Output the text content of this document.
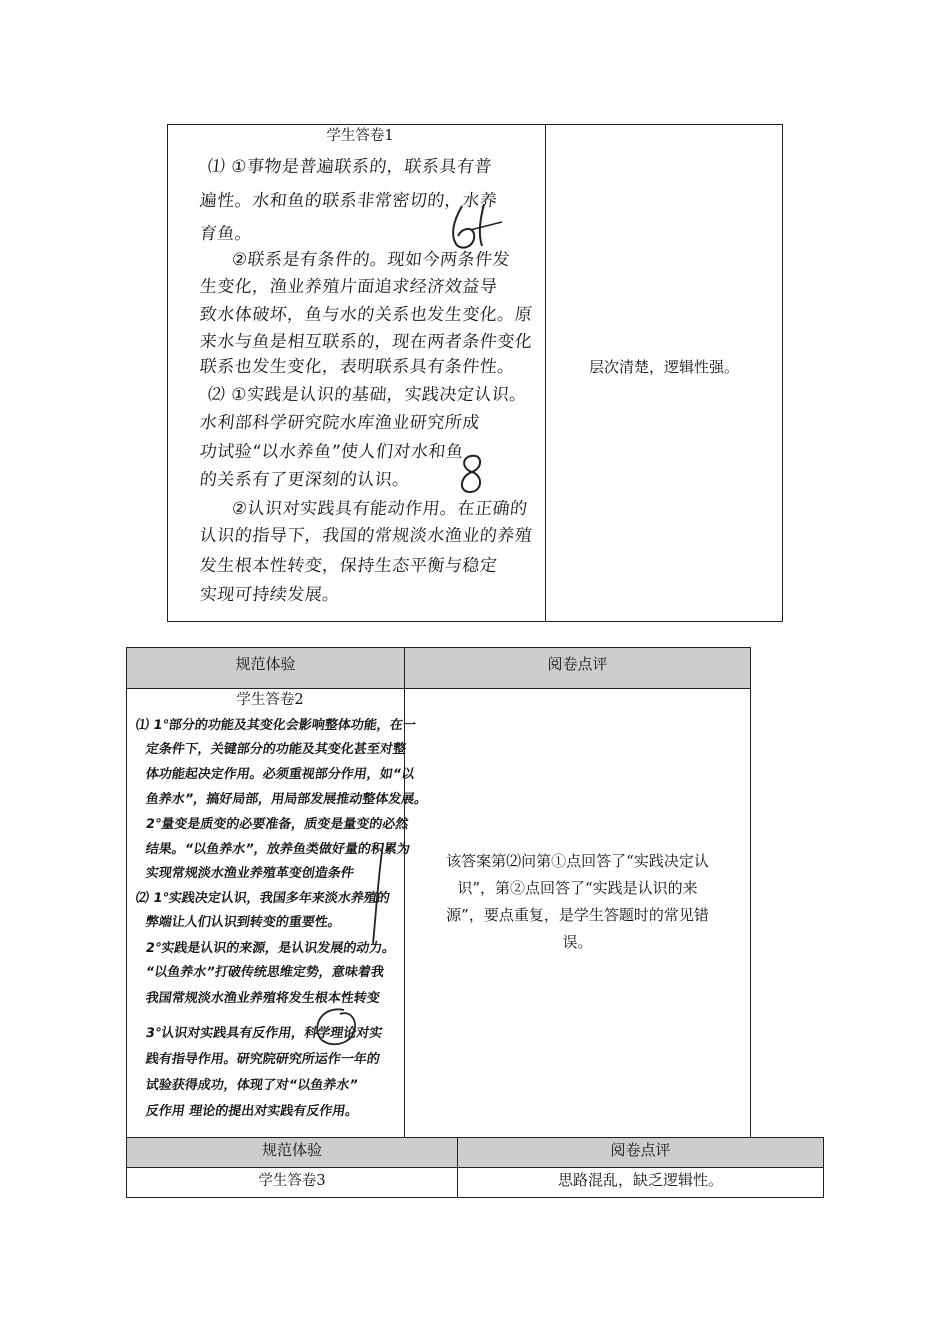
学生答卷1
⑴ ①事物是普遍联系的，联系具有普
遍性。水和鱼的联系非常密切的，水养
育鱼。
②联系是有条件的。现如今两条件发
生变化，渔业养殖片面追求经济效益导
致水体破坏，鱼与水的关系也发生变化。原
来水与鱼是相互联系的，现在两者条件变化
联系也发生变化，表明联系具有条件性。
⑵ ①实践是认识的基础，实践决定认识。
水利部科学研究院水库渔业研究所成
功试验“以水养鱼”使人们对水和鱼
的关系有了更深刻的认识。
②认识对实践具有能动作用。在正确的
认识的指导下，我国的常规淡水渔业的养殖
发生根本性转变，保持生态平衡与稳定
实现可持续发展。
层次清楚，逻辑性强。
规范体验	阅卷点评
学生答卷2
⑴ 1°部分的功能及其变化会影响整体功能，在一
定条件下，关键部分的功能及其变化甚至对整
体功能起决定作用。必须重视部分作用，如“以
鱼养水”，搞好局部，用局部发展推动整体发展。
2°量变是质变的必要准备，质变是量变的必然
结果。“以鱼养水”，放养鱼类做好量的积累为
实现常规淡水渔业养殖革变创造条件
⑵ 1°实践决定认识，我国多年来淡水养殖的
弊端让人们认识到转变的重要性。
2°实践是认识的来源，是认识发展的动力。
“以鱼养水”打破传统思维定势，意味着我
我国常规淡水渔业养殖将发生根本性转变
3°认识对实践具有反作用，科学理论对实
践有指导作用。研究院研究所运作一年的
试验获得成功，体现了对“以鱼养水”
反作用 理论的提出对实践有反作用。
该答案第⑵问第①点回答了“实践决定认
识”，第②点回答了“实践是认识的来
源”，要点重复，是学生答题时的常见错
误。
规范体验	阅卷点评
学生答卷3	思路混乱，缺乏逻辑性。
